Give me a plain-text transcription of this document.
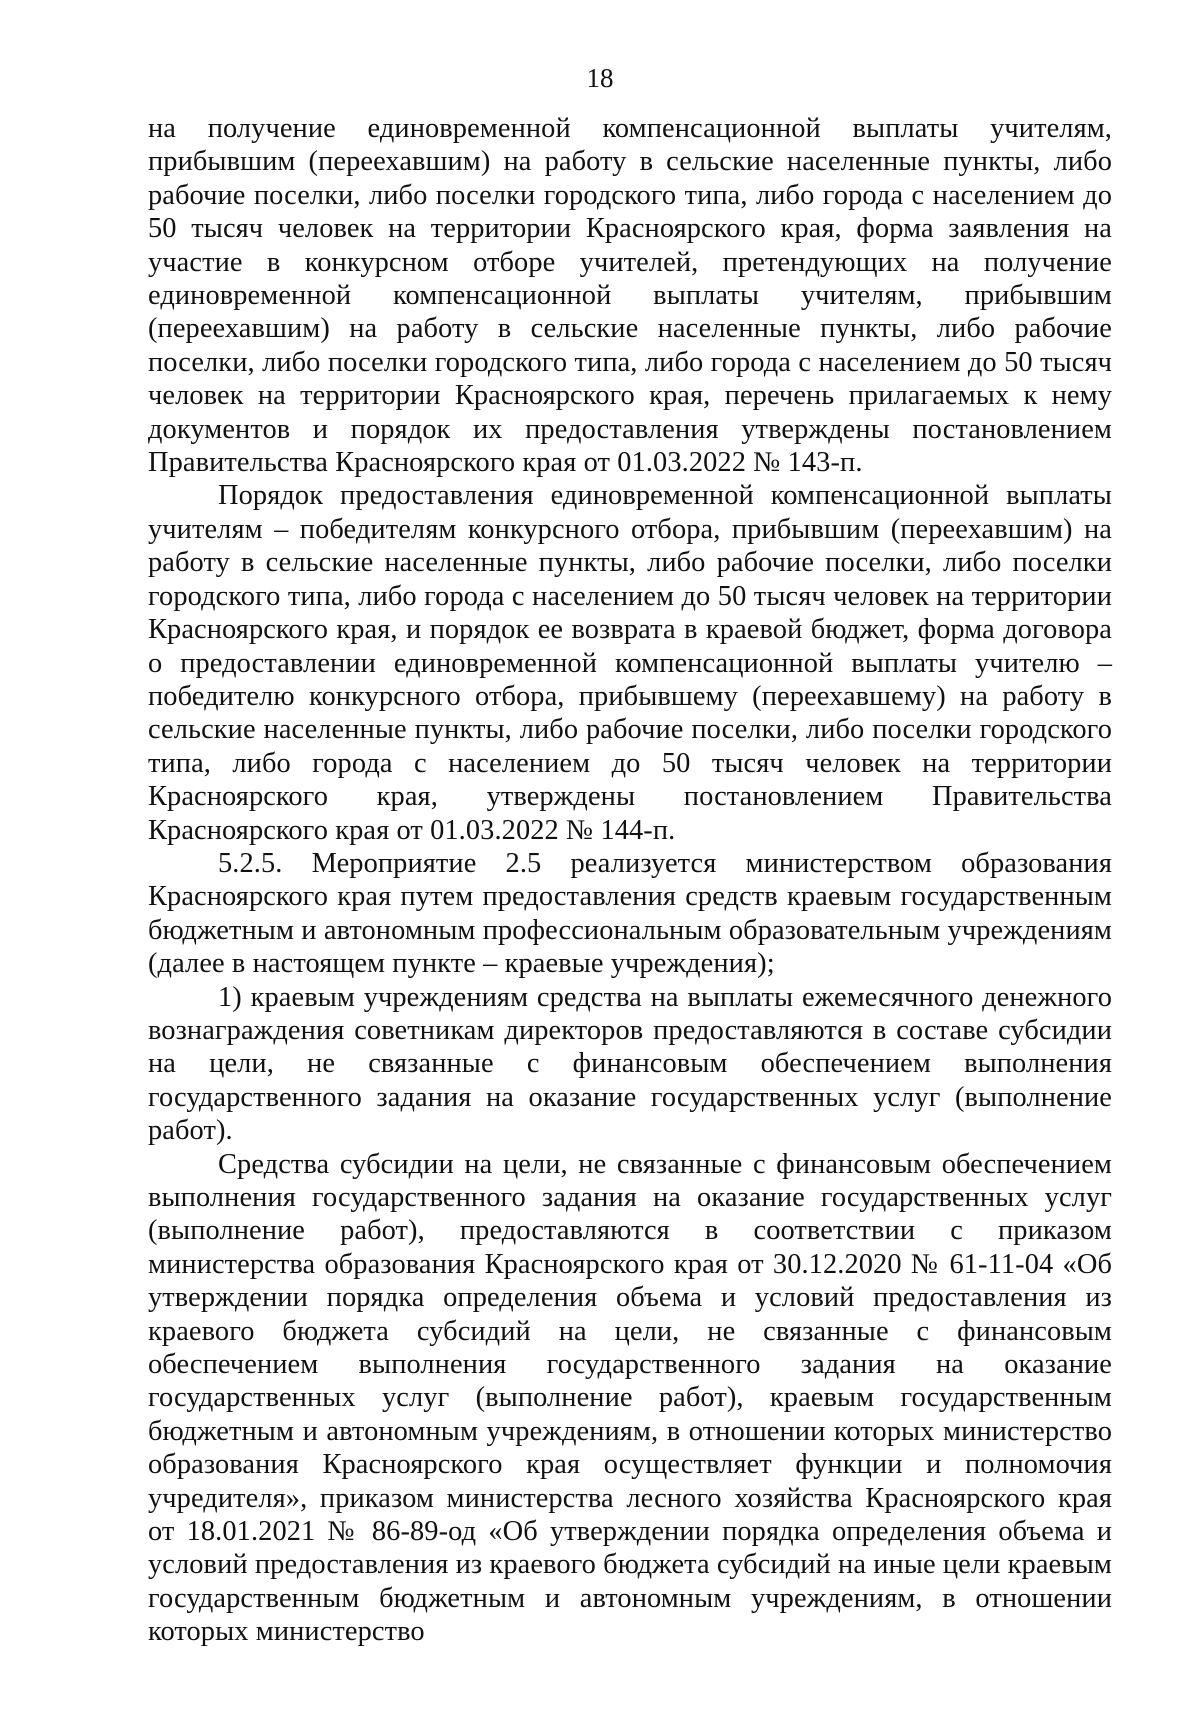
18

на получение единовременной компенсационной выплаты учителям, прибывшим (переехавшим) на работу в сельские населенные пункты, либо рабочие поселки, либо поселки городского типа, либо города с населением до 50 тысяч человек на территории Красноярского края, форма заявления на участие в конкурсном отборе учителей, претендующих на получение единовременной компенсационной выплаты учителям, прибывшим (переехавшим) на работу в сельские населенные пункты, либо рабочие поселки, либо поселки городского типа, либо города с населением до 50 тысяч человек на территории Красноярского края, перечень прилагаемых к нему документов и порядок их предоставления утверждены постановлением Правительства Красноярского края от 01.03.2022 № 143-п.

Порядок предоставления единовременной компенсационной выплаты учителям – победителям конкурсного отбора, прибывшим (переехавшим) на работу в сельские населенные пункты, либо рабочие поселки, либо поселки городского типа, либо города с населением до 50 тысяч человек на территории Красноярского края, и порядок ее возврата в краевой бюджет, форма договора о предоставлении единовременной компенсационной выплаты учителю – победителю конкурсного отбора, прибывшему (переехавшему) на работу в сельские населенные пункты, либо рабочие поселки, либо поселки городского типа, либо города с населением до 50 тысяч человек на территории Красноярского края, утверждены постановлением Правительства Красноярского края от 01.03.2022 № 144-п.

5.2.5. Мероприятие 2.5 реализуется министерством образования Красноярского края путем предоставления средств краевым государственным бюджетным и автономным профессиональным образовательным учреждениям (далее в настоящем пункте – краевые учреждения);

1) краевым учреждениям средства на выплаты ежемесячного денежного вознаграждения советникам директоров предоставляются в составе субсидии на цели, не связанные с финансовым обеспечением выполнения государственного задания на оказание государственных услуг (выполнение работ).

Средства субсидии на цели, не связанные с финансовым обеспечением выполнения государственного задания на оказание государственных услуг (выполнение работ), предоставляются в соответствии с приказом министерства образования Красноярского края от 30.12.2020 № 61-11-04 «Об утверждении порядка определения объема и условий предоставления из краевого бюджета субсидий на цели, не связанные с финансовым обеспечением выполнения государственного задания на оказание государственных услуг (выполнение работ), краевым государственным бюджетным и автономным учреждениям, в отношении которых министерство образования Красноярского края осуществляет функции и полномочия учредителя», приказом министерства лесного хозяйства Красноярского края от 18.01.2021 № 86-89-од «Об утверждении порядка определения объема и условий предоставления из краевого бюджета субсидий на иные цели краевым государственным бюджетным и автономным учреждениям, в отношении которых министерство
